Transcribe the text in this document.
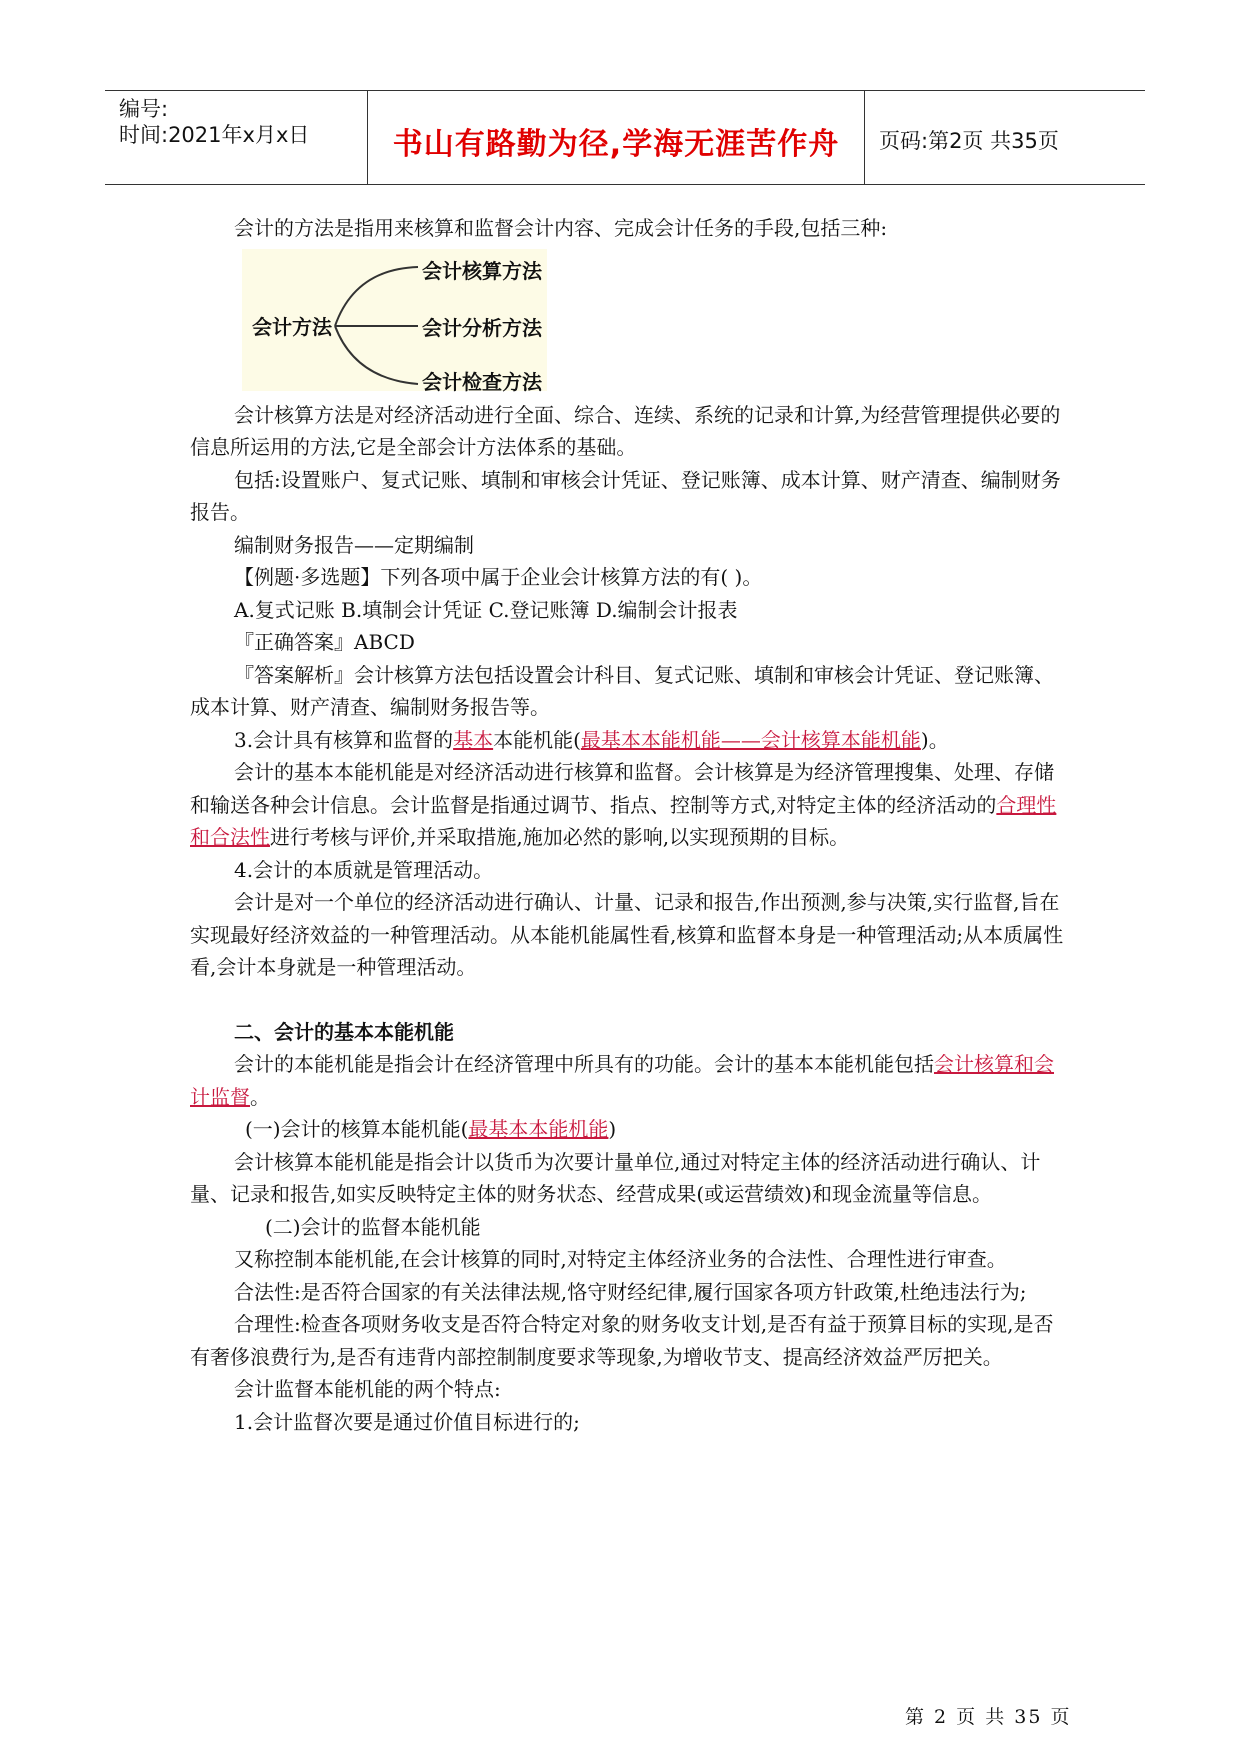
编号:
时间:2021年x月x日	书山有路勤为径,学海无涯苦作舟	页码:第2页 共35页

会计的方法是指用来核算和监督会计内容、完成会计任务的手段,包括三种:

会计方法
会计核算方法
会计分析方法
会计检查方法

会计核算方法是对经济活动进行全面、综合、连续、系统的记录和计算,为经营管理提供必要的信息所运用的方法,它是全部会计方法体系的基础。

包括:设置账户、复式记账、填制和审核会计凭证、登记账簿、成本计算、财产清查、编制财务报告。

编制财务报告——定期编制

【例题·多选题】下列各项中属于企业会计核算方法的有( )。

A.复式记账 B.填制会计凭证 C.登记账簿 D.编制会计报表

『正确答案』ABCD

『答案解析』会计核算方法包括设置会计科目、复式记账、填制和审核会计凭证、登记账簿、成本计算、财产清查、编制财务报告等。

3.会计具有核算和监督的基本本能机能(最基本本能机能——会计核算本能机能)。

会计的基本本能机能是对经济活动进行核算和监督。会计核算是为经济管理搜集、处理、存储和输送各种会计信息。会计监督是指通过调节、指点、控制等方式,对特定主体的经济活动的合理性和合法性进行考核与评价,并采取措施,施加必然的影响,以实现预期的目标。

4.会计的本质就是管理活动。

会计是对一个单位的经济活动进行确认、计量、记录和报告,作出预测,参与决策,实行监督,旨在实现最好经济效益的一种管理活动。从本能机能属性看,核算和监督本身是一种管理活动;从本质属性看,会计本身就是一种管理活动。

二、会计的基本本能机能

会计的本能机能是指会计在经济管理中所具有的功能。会计的基本本能机能包括会计核算和会计监督。

(一)会计的核算本能机能(最基本本能机能)

会计核算本能机能是指会计以货币为次要计量单位,通过对特定主体的经济活动进行确认、计量、记录和报告,如实反映特定主体的财务状态、经营成果(或运营绩效)和现金流量等信息。

(二)会计的监督本能机能

又称控制本能机能,在会计核算的同时,对特定主体经济业务的合法性、合理性进行审查。

合法性:是否符合国家的有关法律法规,恪守财经纪律,履行国家各项方针政策,杜绝违法行为;

合理性:检查各项财务收支是否符合特定对象的财务收支计划,是否有益于预算目标的实现,是否有奢侈浪费行为,是否有违背内部控制制度要求等现象,为增收节支、提高经济效益严厉把关。

会计监督本能机能的两个特点:

1.会计监督次要是通过价值目标进行的;

第 2 页 共 35 页
